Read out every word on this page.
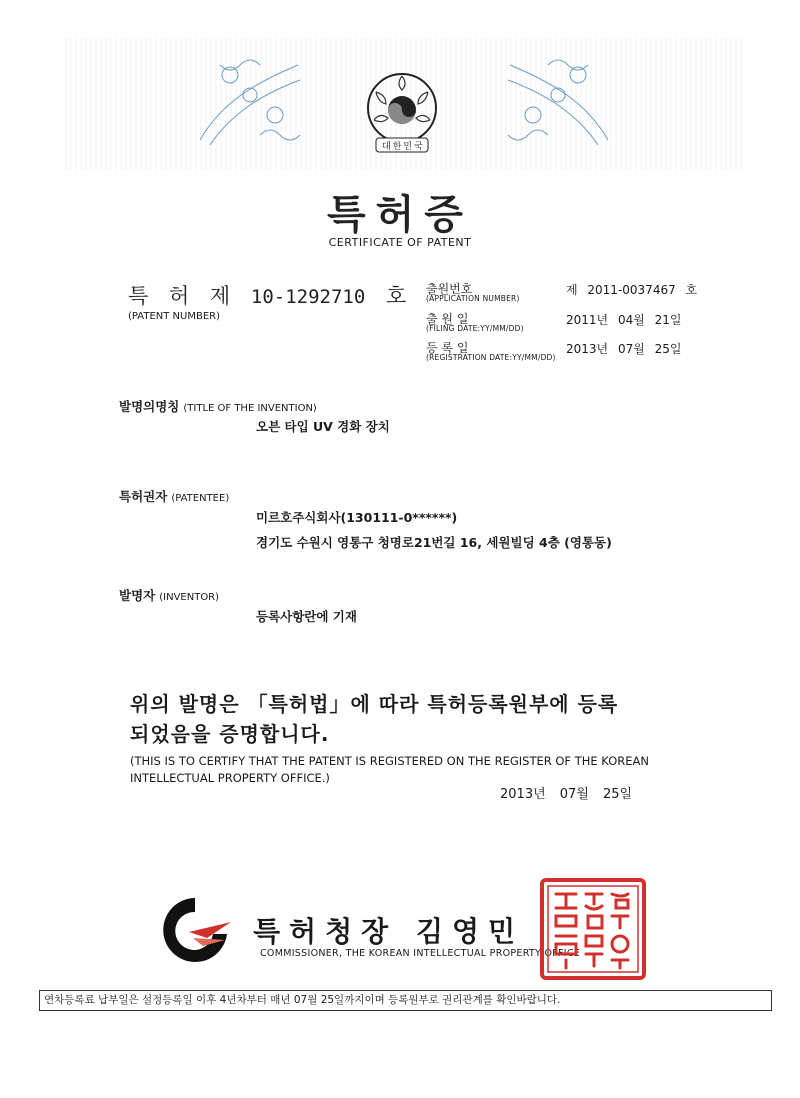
대한민국
특허증
CERTIFICATE OF PATENT
특 허 제 10-1292710 호
(PATENT NUMBER)
출원번호
(APPLICATION NUMBER)
제 2011-0037467 호
출 원 일
(FILING DATE:YY/MM/DD)
2011년 04월 21일
등 록 일
(REGISTRATION DATE:YY/MM/DD)
2013년 07월 25일
발명의명칭 (TITLE OF THE INVENTION)
오븐 타입 UV 경화 장치
특허권자 (PATENTEE)
미르호주식회사(130111-0******)
경기도 수원시 영통구 청명로21번길 16, 세원빌딩 4층 (영통동)
발명자 (INVENTOR)
등록사항란에 기재
위의 발명은 「특허법」에 따라 특허등록원부에 등록
되었음을 증명합니다.
(THIS IS TO CERTIFY THAT THE PATENT IS REGISTERED ON THE REGISTER OF THE KOREAN
INTELLECTUAL PROPERTY OFFICE.)
2013년 07월 25일
특허청장 김영민
COMMISSIONER, THE KOREAN INTELLECTUAL PROPERTY OFFICE
연차등록료 납부일은 설정등록일 이후 4년차부터 매년 07월 25일까지이며 등록원부로 권리관계를 확인바랍니다.
